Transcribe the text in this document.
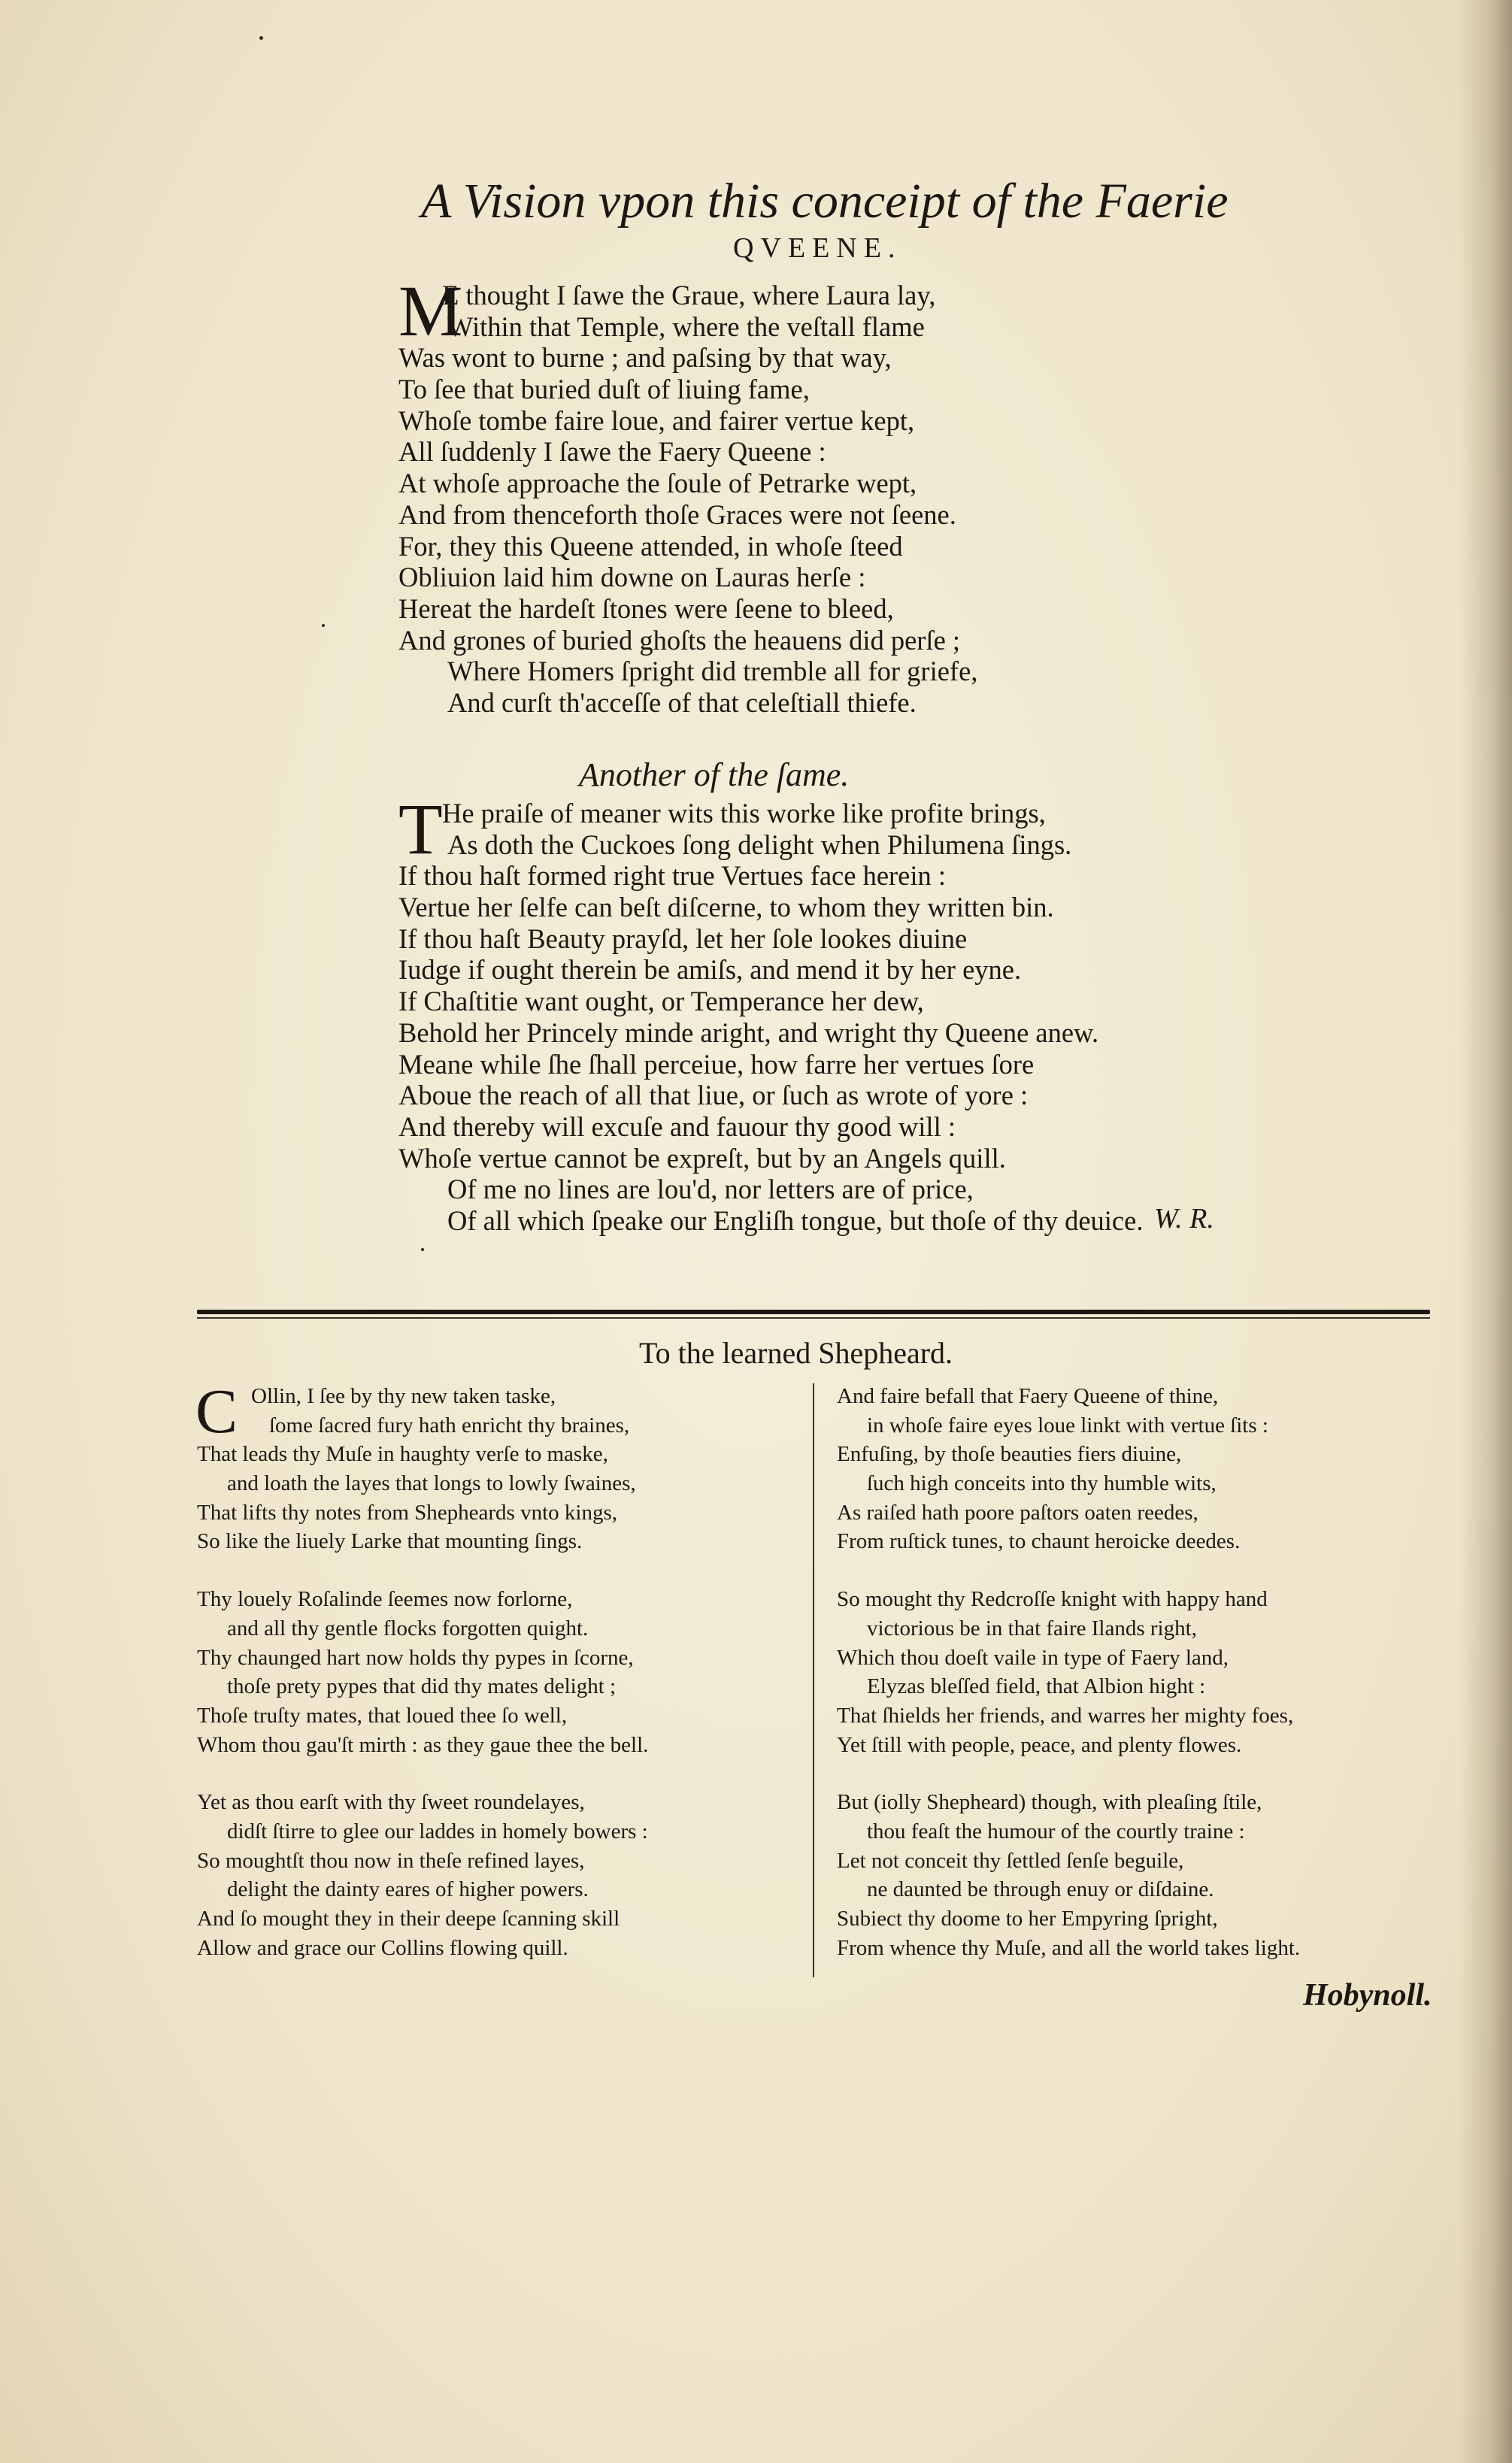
A Vision vpon this conceipt of the Faerie
QVEENE.
M
E thought I ſawe the Graue, where Laura lay,
Within that Temple, where the veſtall flame
Was wont to burne ; and paſsing by that way,
To ſee that buried duſt of liuing fame,
Whoſe tombe faire loue, and fairer vertue kept,
All ſuddenly I ſawe the Faery Queene :
At whoſe approache the ſoule of Petrarke wept,
And from thenceforth thoſe Graces were not ſeene.
For, they this Queene attended, in whoſe ſteed
Obliuion laid him downe on Lauras herſe :
Hereat the hardeſt ſtones were ſeene to bleed,
And grones of buried ghoſts the heauens did perſe ;
Where Homers ſpright did tremble all for griefe,
And curſt th'acceſſe of that celeſtiall thiefe.
Another of the ſame.
T He praiſe of meaner wits this worke like profite brings,
As doth the Cuckoes ſong delight when Philumena ſings.
If thou haſt formed right true Vertues face herein :
Vertue her ſelfe can beſt diſcerne, to whom they written bin.
If thou haſt Beauty prayſd, let her ſole lookes diuine
Iudge if ought therein be amiſs, and mend it by her eyne.
If Chaſtitie want ought, or Temperance her dew,
Behold her Princely minde aright, and wright thy Queene anew.
Meane while ſhe ſhall perceiue, how farre her vertues ſore
Aboue the reach of all that liue, or ſuch as wrote of yore :
And thereby will excuſe and fauour thy good will :
Whoſe vertue cannot be expreſt, but by an Angels quill.
Of me no lines are lou'd, nor letters are of price,
Of all which ſpeake our Engliſh tongue, but thoſe of thy deuice. W. R.
To the learned Shepheard.
C Ollin, I ſee by thy new taken taske,
ſome ſacred fury hath enricht thy braines,
That leads thy Muſe in haughty verſe to maske,
and loath the layes that longs to lowly ſwaines,
That lifts thy notes from Shepheards vnto kings,
So like the liuely Larke that mounting ſings.
Thy louely Roſalinde ſeemes now forlorne,
and all thy gentle flocks forgotten quight.
Thy chaunged hart now holds thy pypes in ſcorne,
thoſe prety pypes that did thy mates delight ;
Thoſe truſty mates, that loued thee ſo well,
Whom thou gau'ſt mirth : as they gaue thee the bell.
Yet as thou earſt with thy ſweet roundelayes,
didſt ſtirre to glee our laddes in homely bowers :
So moughtſt thou now in theſe refined layes,
delight the dainty eares of higher powers.
And ſo mought they in their deepe ſcanning skill
Allow and grace our Collins flowing quill.
And faire befall that Faery Queene of thine,
in whoſe faire eyes loue linkt with vertue ſits :
Enfuſing, by thoſe beauties fiers diuine,
ſuch high conceits into thy humble wits,
As raiſed hath poore paſtors oaten reedes,
From ruſtick tunes, to chaunt heroicke deedes.
So mought thy Redcroſſe knight with happy hand
victorious be in that faire Ilands right,
Which thou doeſt vaile in type of Faery land,
Elyzas bleſſed field, that Albion hight :
That ſhields her friends, and warres her mighty foes,
Yet ſtill with people, peace, and plenty flowes.
But (iolly Shepheard) though, with pleaſing ſtile,
thou feaſt the humour of the courtly traine :
Let not conceit thy ſettled ſenſe beguile,
ne daunted be through enuy or diſdaine.
Subiect thy doome to her Empyring ſpright,
From whence thy Muſe, and all the world takes light.
Hobynoll.
